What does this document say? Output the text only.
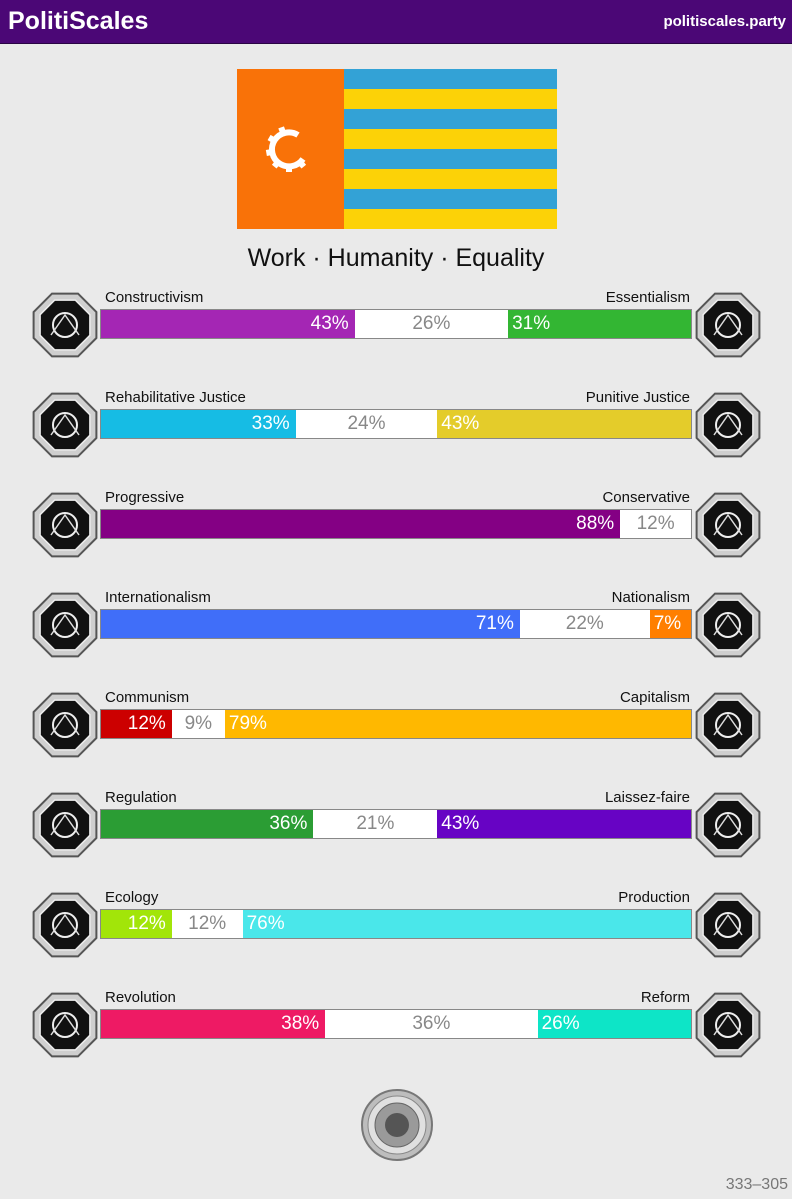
PolitiScales	politiscales.party
Work · Humanity · Equality
Constructivism	Essentialism
43%	26%	31%
Rehabilitative Justice	Punitive Justice
33%	24%	43%
Progressive	Conservative
88%	12%
Internationalism	Nationalism
71%	22%	7%
Communism	Capitalism
12% 9% 79%
Regulation	Laissez-faire
36%	21%	43%
Ecology	Production
12%	12%	76%
Revolution	Reform
38%	36%	26%
333–305
